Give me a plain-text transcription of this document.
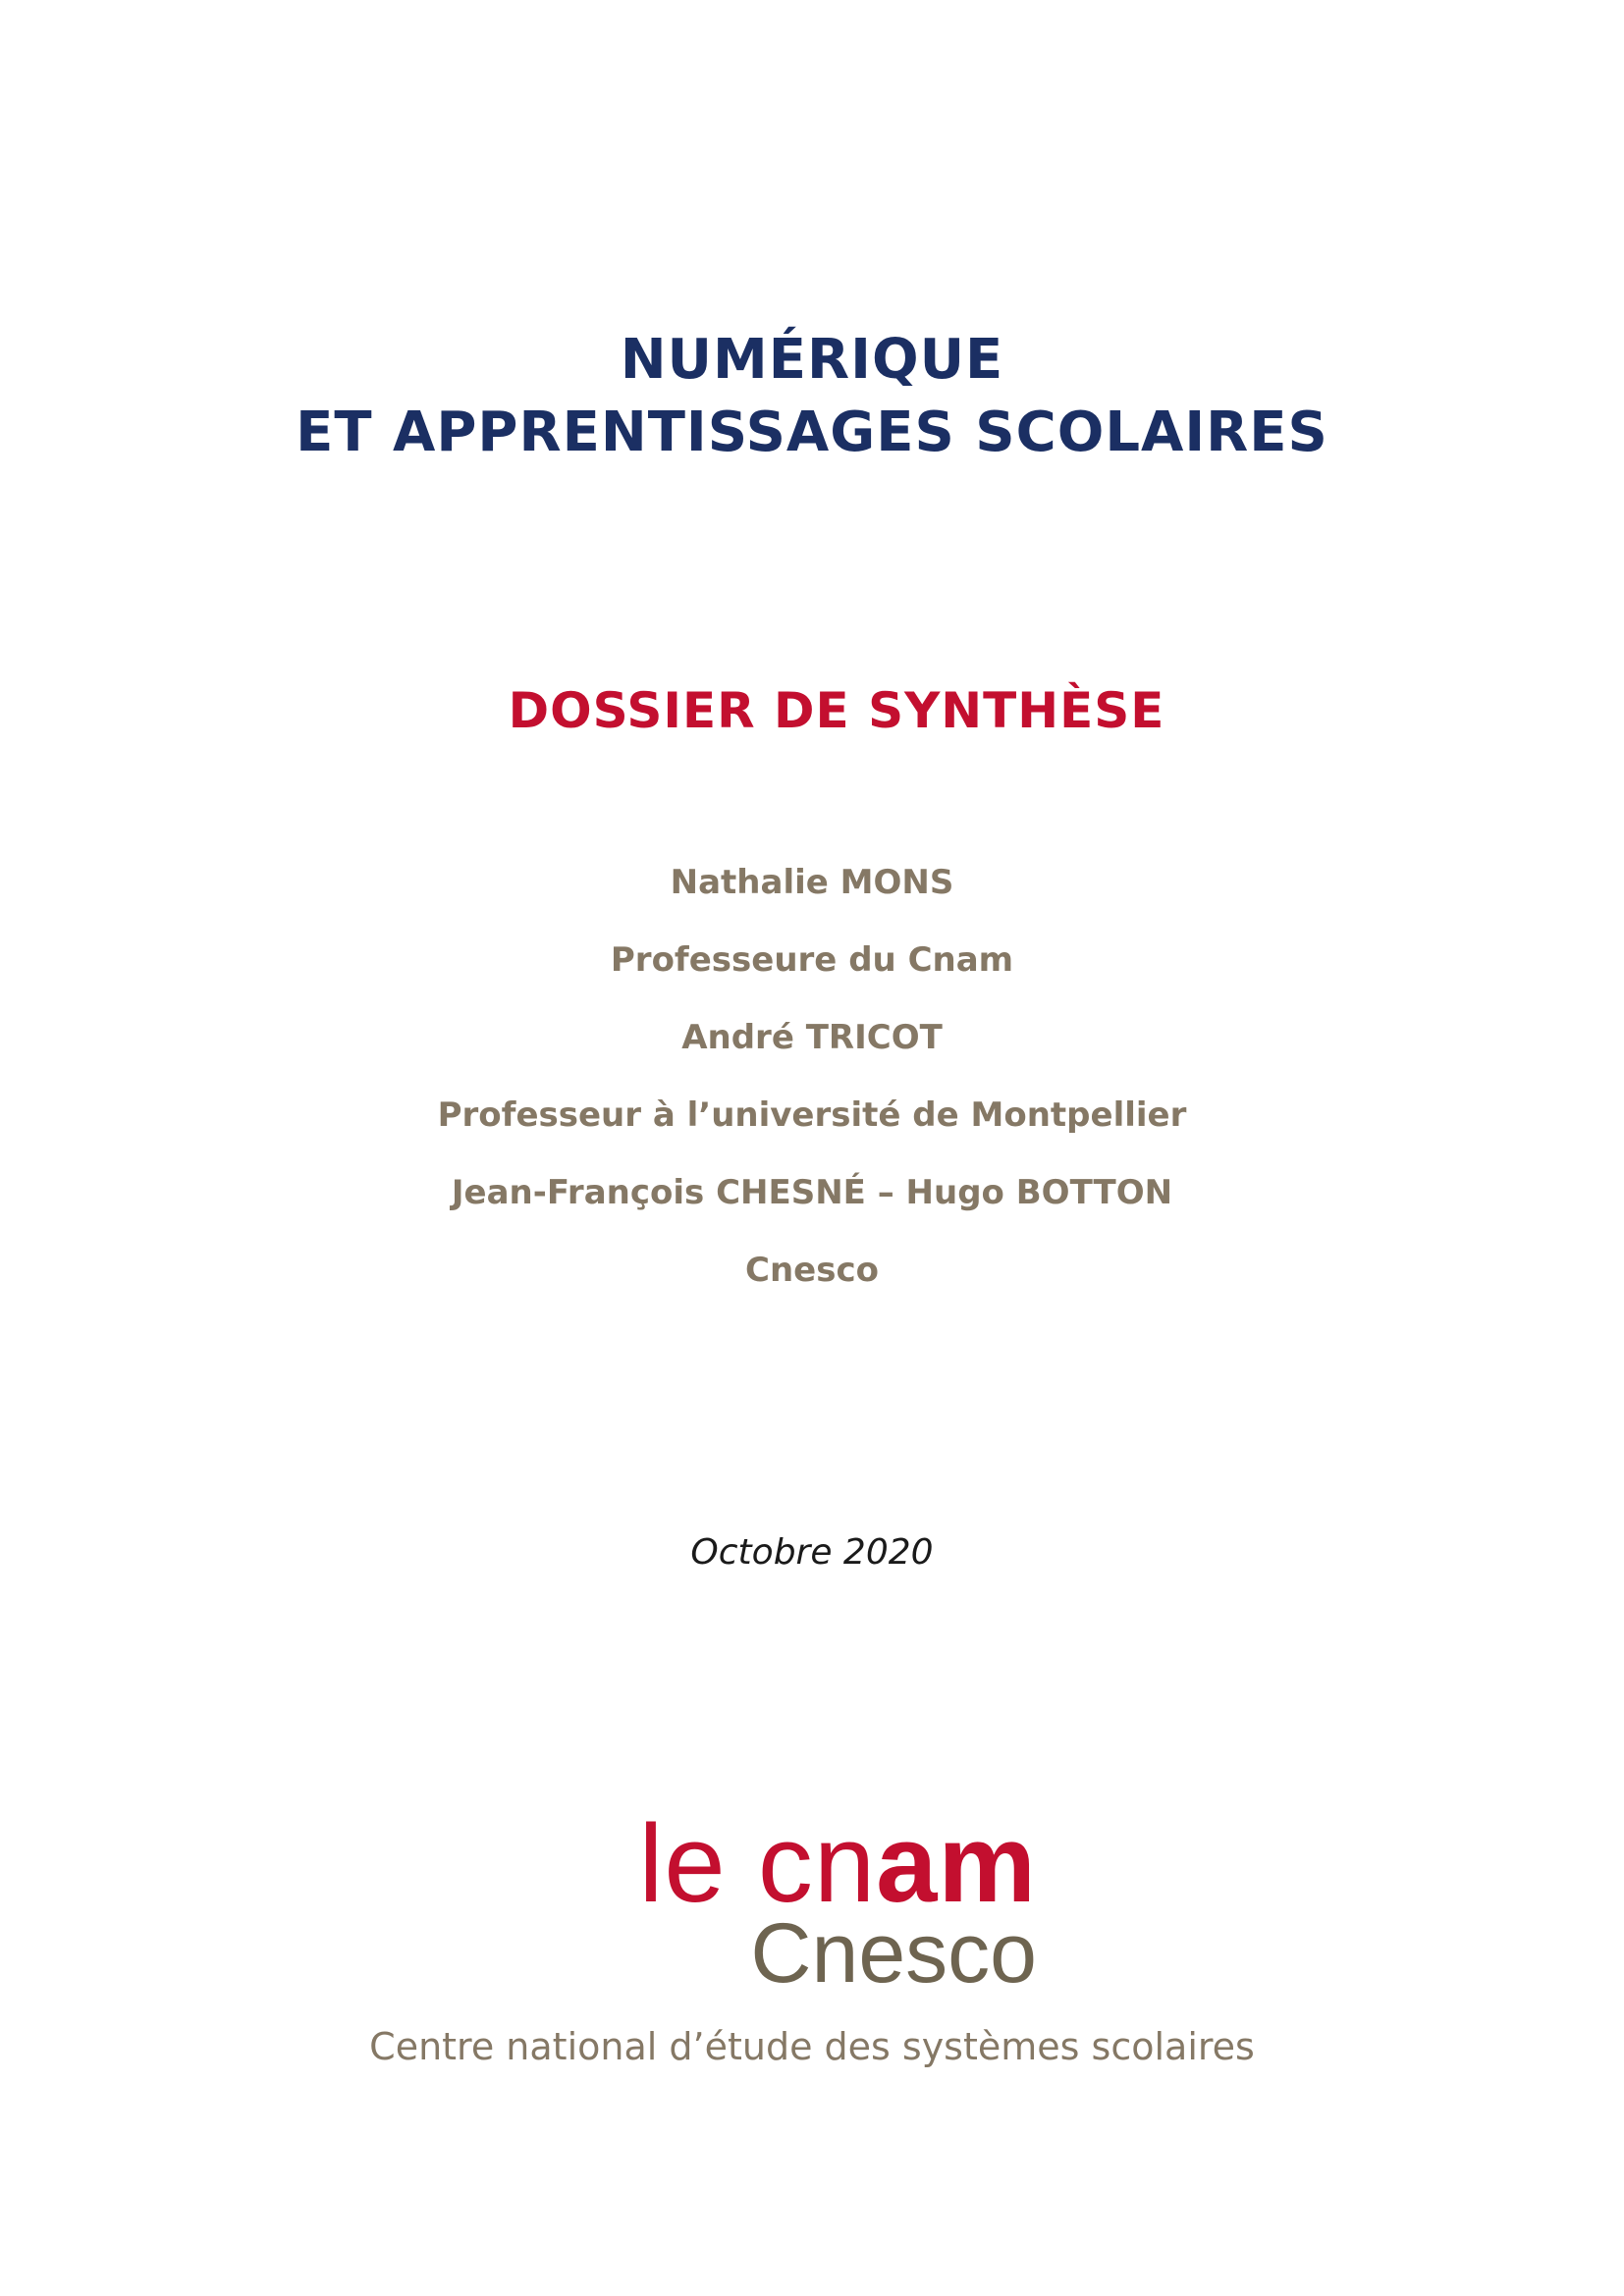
NUMÉRIQUE
ET APPRENTISSAGES SCOLAIRES
DOSSIER DE SYNTHÈSE
Nathalie MONS
Professeure du Cnam
André TRICOT
Professeur à l’université de Montpellier
Jean-François CHESNÉ – Hugo BOTTON
Cnesco
Octobre 2020
le cnam
Cnesco
Centre national d’étude des systèmes scolaires
